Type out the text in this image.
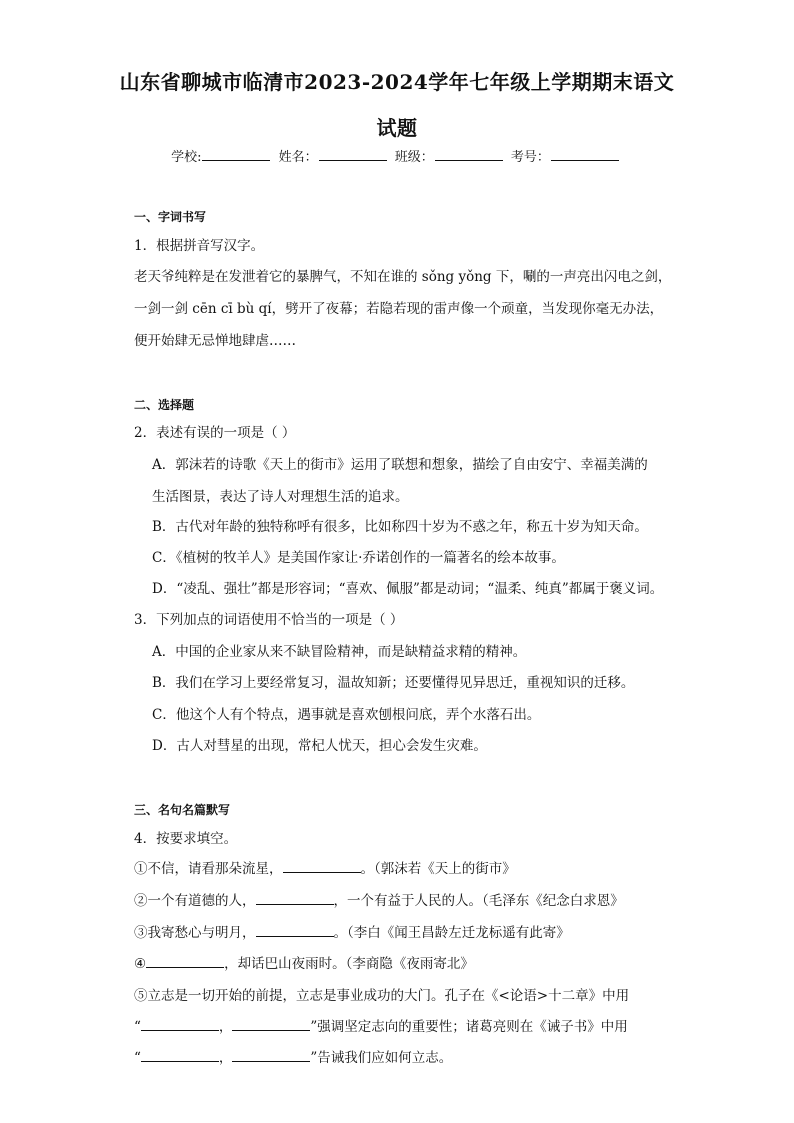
山东省聊城市临清市2023-2024学年七年级上学期期末语文
试题
学校:	姓名：	班级：	考号：
一、字词书写
1．根据拼音写汉字。
老天爷纯粹是在发泄着它的暴脾气，不知在谁的 sǒng yǒng 下，唰的一声亮出闪电之剑，
一剑一剑 cēn cī bù qí，劈开了夜幕；若隐若现的雷声像一个顽童，当发现你毫无办法，
便开始肆无忌惮地肆虐……
二、选择题
2．表述有误的一项是（ ）
A．郭沫若的诗歌《天上的街市》运用了联想和想象，描绘了自由安宁、幸福美满的
生活图景，表达了诗人对理想生活的追求。
B．古代对年龄的独特称呼有很多，比如称四十岁为不惑之年，称五十岁为知天命。
C．《植树的牧羊人》是美国作家让·乔诺创作的一篇著名的绘本故事。
D．“凌乱、强壮”都是形容词；“喜欢、佩服”都是动词；“温柔、纯真”都属于褒义词。
3．下列加点的词语使用不恰当的一项是（ ）
A．中国的企业家从来不缺冒险精神，而是缺精益求精的精神。
B．我们在学习上要经常复习，温故知新；还要懂得见异思迁，重视知识的迁移。
C．他这个人有个特点，遇事就是喜欢刨根问底，弄个水落石出。
D．古人对彗星的出现，常杞人忧天，担心会发生灾难。
三、名句名篇默写
4．按要求填空。
①不信，请看那朵流星，	。（郭沫若《天上的街市》
②一个有道德的人，	，一个有益于人民的人。（毛泽东《纪念白求恩》
③我寄愁心与明月，	。（李白《闻王昌龄左迁龙标遥有此寄》
④	，却话巴山夜雨时。（李商隐《夜雨寄北》
⑤立志是一切开始的前提，立志是事业成功的大门。孔子在《<论语>十二章》中用
“	，	”强调坚定志向的重要性；诸葛亮则在《诫子书》中用
“	，	”告诫我们应如何立志。
